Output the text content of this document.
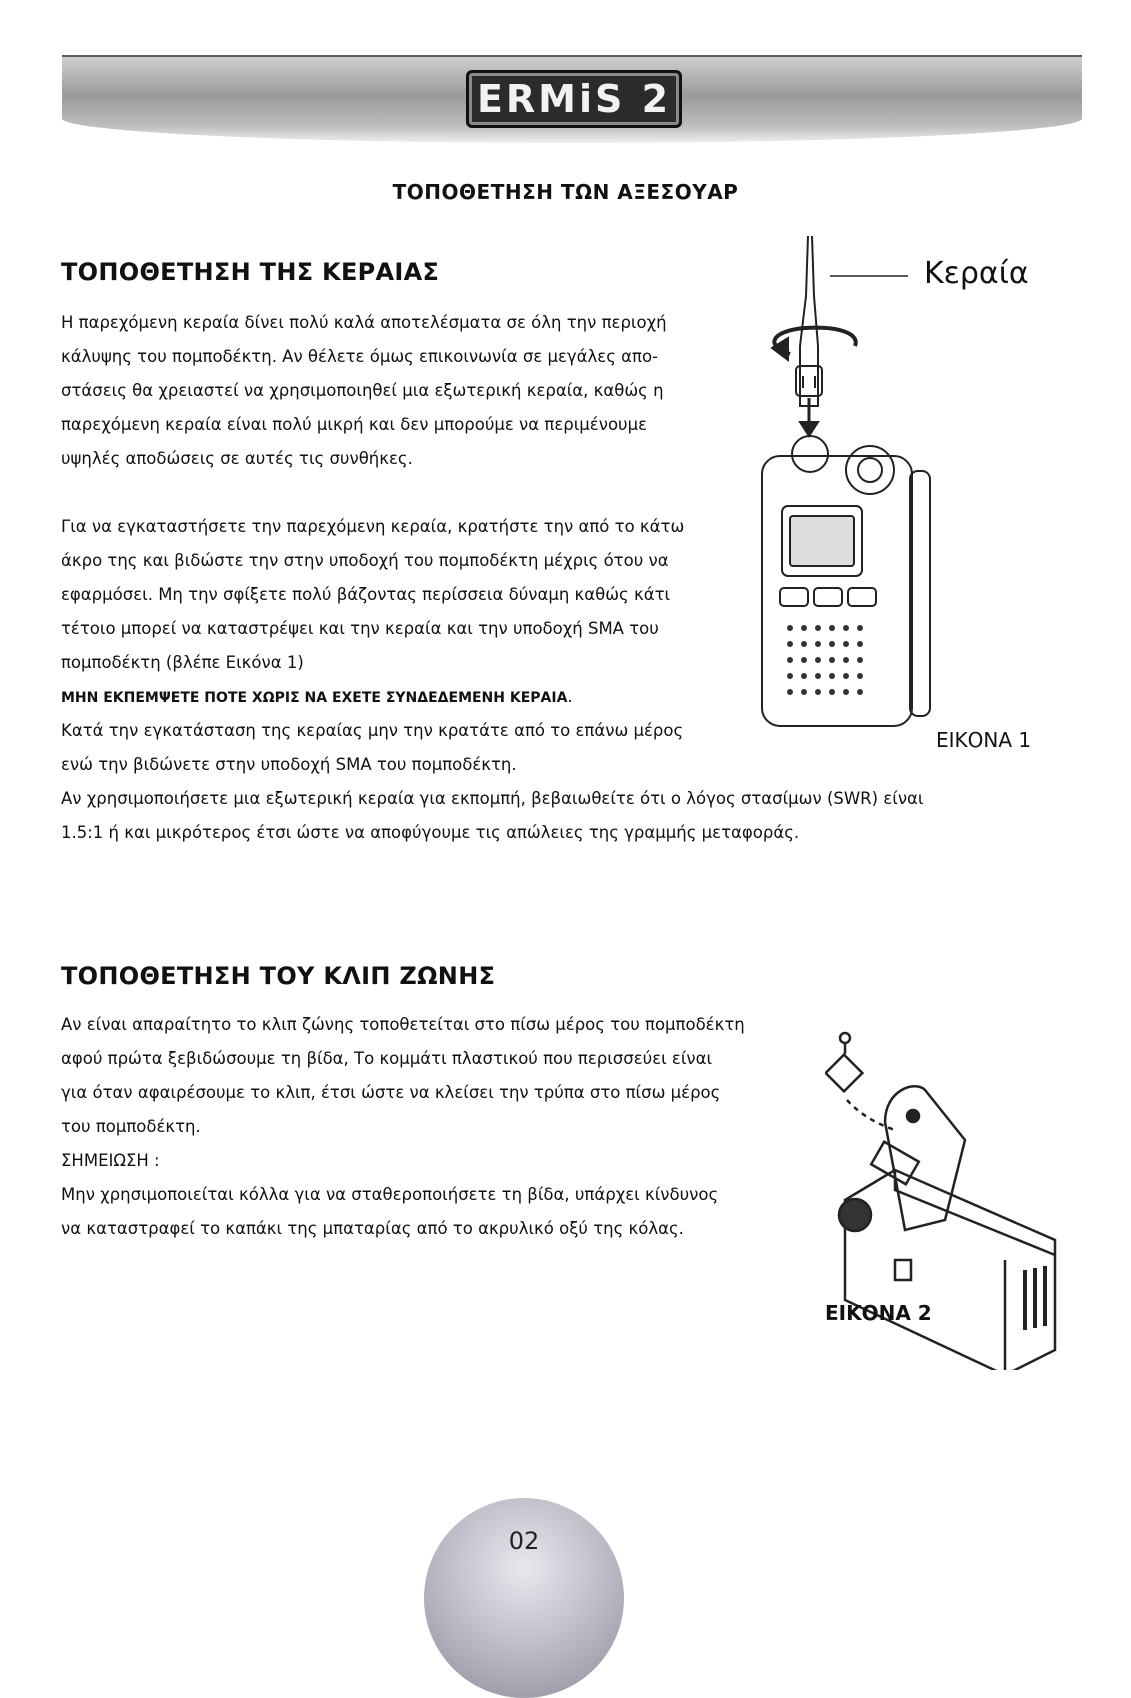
ERMiS 2
ΤΟΠΟΘΕΤΗΣΗ ΤΩΝ ΑΞΕΣΟΥΑΡ
ΤΟΠΟΘΕΤΗΣΗ ΤΗΣ ΚΕΡΑΙΑΣ

Η παρεχόμενη κεραία δίνει πολύ καλά αποτελέσματα σε όλη την περιοχή
κάλυψης του πομποδέκτη. Αν θέλετε όμως επικοινωνία σε μεγάλες απο-
στάσεις θα χρειαστεί να χρησιμοποιηθεί μια εξωτερική κεραία, καθώς η
παρεχόμενη κεραία είναι πολύ μικρή και δεν μπορούμε να περιμένουμε
υψηλές αποδώσεις σε αυτές τις συνθήκες.

Για να εγκαταστήσετε την παρεχόμενη κεραία, κρατήστε την από το κάτω
άκρο της και βιδώστε την στην υποδοχή του πομποδέκτη μέχρις ότου να
εφαρμόσει. Μη την σφίξετε πολύ βάζοντας περίσσεια δύναμη καθώς κάτι
τέτοιο μπορεί να καταστρέψει και την κεραία και την υποδοχή SMA του
πομποδέκτη (βλέπε Εικόνα 1)

ΜΗΝ ΕΚΠΕΜΨΕΤΕ ΠΟΤΕ ΧΩΡΙΣ ΝΑ ΕΧΕΤΕ ΣΥΝΔΕΔΕΜΕΝΗ ΚΕΡΑΙΑ.

Κατά την εγκατάσταση της κεραίας μην την κρατάτε από το επάνω μέρος
ενώ την βιδώνετε στην υποδοχή SMA του πομποδέκτη.
Αν χρησιμοποιήσετε μια εξωτερική κεραία για εκπομπή, βεβαιωθείτε ότι ο λόγος στασίμων (SWR) είναι
1.5:1 ή και μικρότερος έτσι ώστε να αποφύγουμε τις απώλειες της γραμμής μεταφοράς.

Κεραία
ΕΙΚΟΝΑ 1
ΤΟΠΟΘΕΤΗΣΗ ΤΟΥ ΚΛΙΠ ΖΩΝΗΣ

Αν είναι απαραίτητο το κλιπ ζώνης τοποθετείται στο πίσω μέρος του πομποδέκτη
αφού πρώτα ξεβιδώσουμε τη βίδα, Το κομμάτι πλαστικού που περισσεύει είναι
για όταν αφαιρέσουμε το κλιπ, έτσι ώστε να κλείσει την τρύπα στο πίσω μέρος
του πομποδέκτη.
ΣΗΜΕΙΩΣΗ :
Μην χρησιμοποιείται κόλλα για να σταθεροποιήσετε τη βίδα, υπάρχει κίνδυνος
να καταστραφεί το καπάκι της μπαταρίας από το ακρυλικό οξύ της κόλας.

ΕΙΚΟΝΑ 2
02
